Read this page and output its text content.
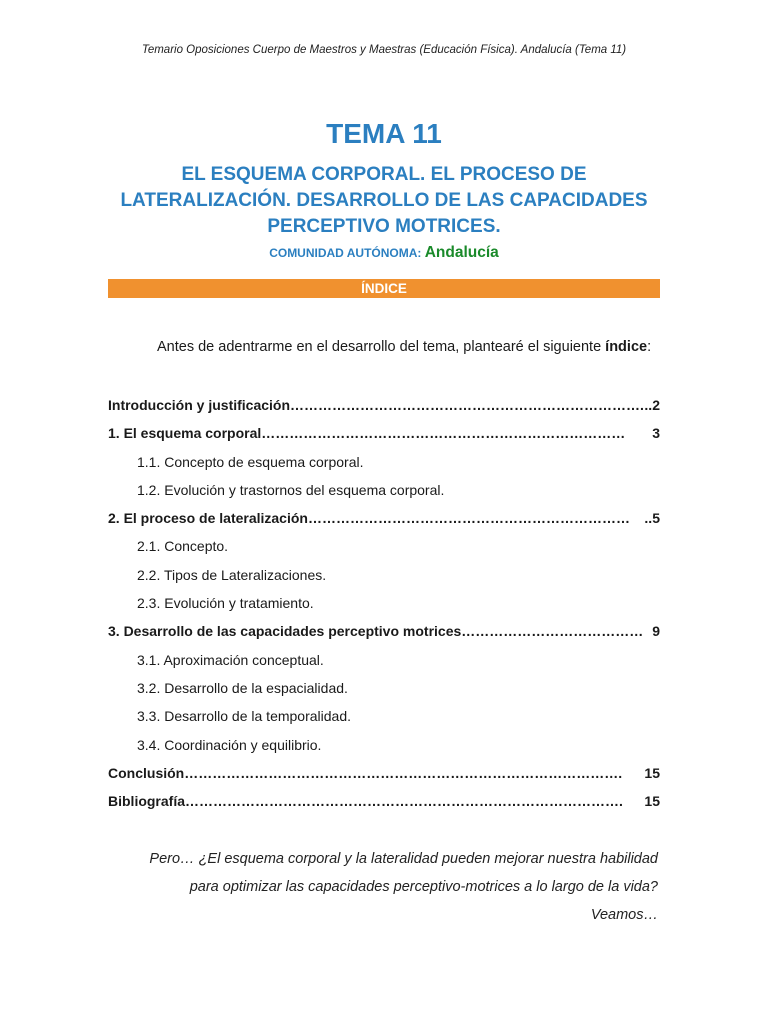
Temario Oposiciones Cuerpo de Maestros y Maestras (Educación Física). Andalucía (Tema 11)
TEMA 11
EL ESQUEMA CORPORAL. EL PROCESO DE LATERALIZACIÓN. DESARROLLO DE LAS CAPACIDADES PERCEPTIVO MOTRICES.
COMUNIDAD AUTÓNOMA: Andalucía
ÍNDICE
Antes de adentrarme en el desarrollo del tema, plantearé el siguiente índice:
Introducción y justificación …………………………………………………………………. ..2
1. El esquema corporal ……………………………………………………………………	3
1.1. Concepto de esquema corporal.
1.2. Evolución y trastornos del esquema corporal.
2. El proceso de lateralización ……………………………………………………………	..5
2.1. Concepto.
2.2. Tipos de Lateralizaciones.
2.3. Evolución y tratamiento.
3. Desarrollo de las capacidades perceptivo motrices ………………………………… 9
3.1. Aproximación conceptual.
3.2. Desarrollo de la espacialidad.
3.3. Desarrollo de la temporalidad.
3.4. Coordinación y equilibrio.
Conclusión ………………………………………………………………………………….	15
Bibliografía ………………………………………………………………………………….	15
Pero… ¿El esquema corporal y la lateralidad pueden mejorar nuestra habilidad
para optimizar las capacidades perceptivo-motrices a lo largo de la vida?
Veamos…
